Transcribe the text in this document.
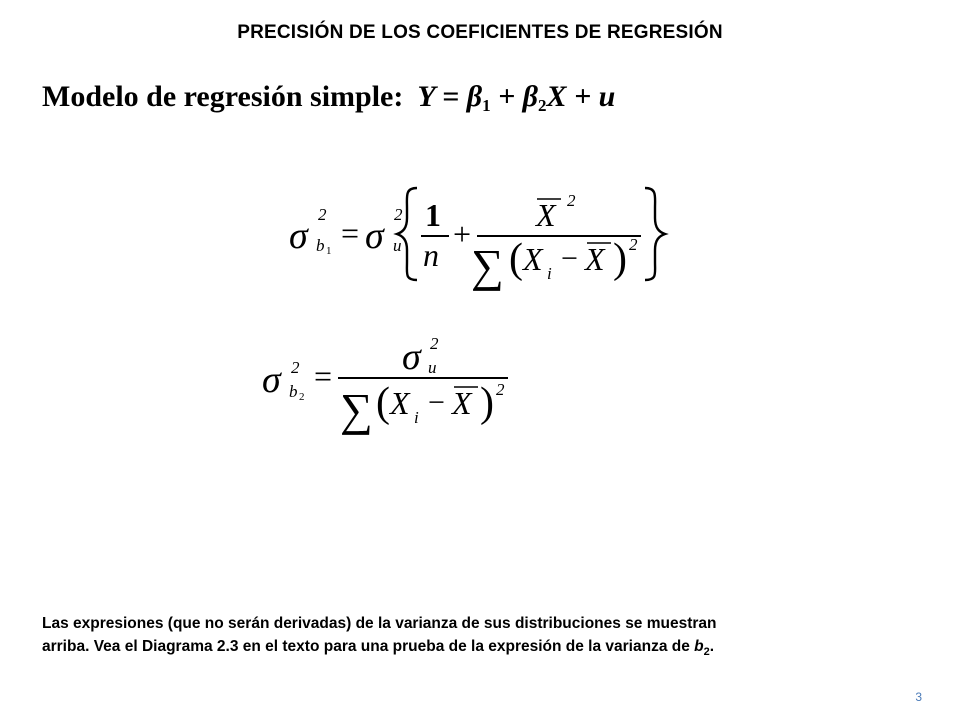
PRECISIÓN DE LOS COEFICIENTES DE REGRESIÓN
Modelo de regresión simple: $Y = \beta_1 + \beta_2X + u$
σ
2
b 1 = σ
2
u
1
n
+
X 2
∑ ( X i − X ) 2
σ 2
b 2
= σ 2
u
∑ ( X i − X ) 2
Las expresiones (que no serán derivadas) de la varianza de sus distribuciones se muestran
arriba. Vea el Diagrama 2.3 en el texto para una prueba de la expresión de la varianza de $b_2$.
3
